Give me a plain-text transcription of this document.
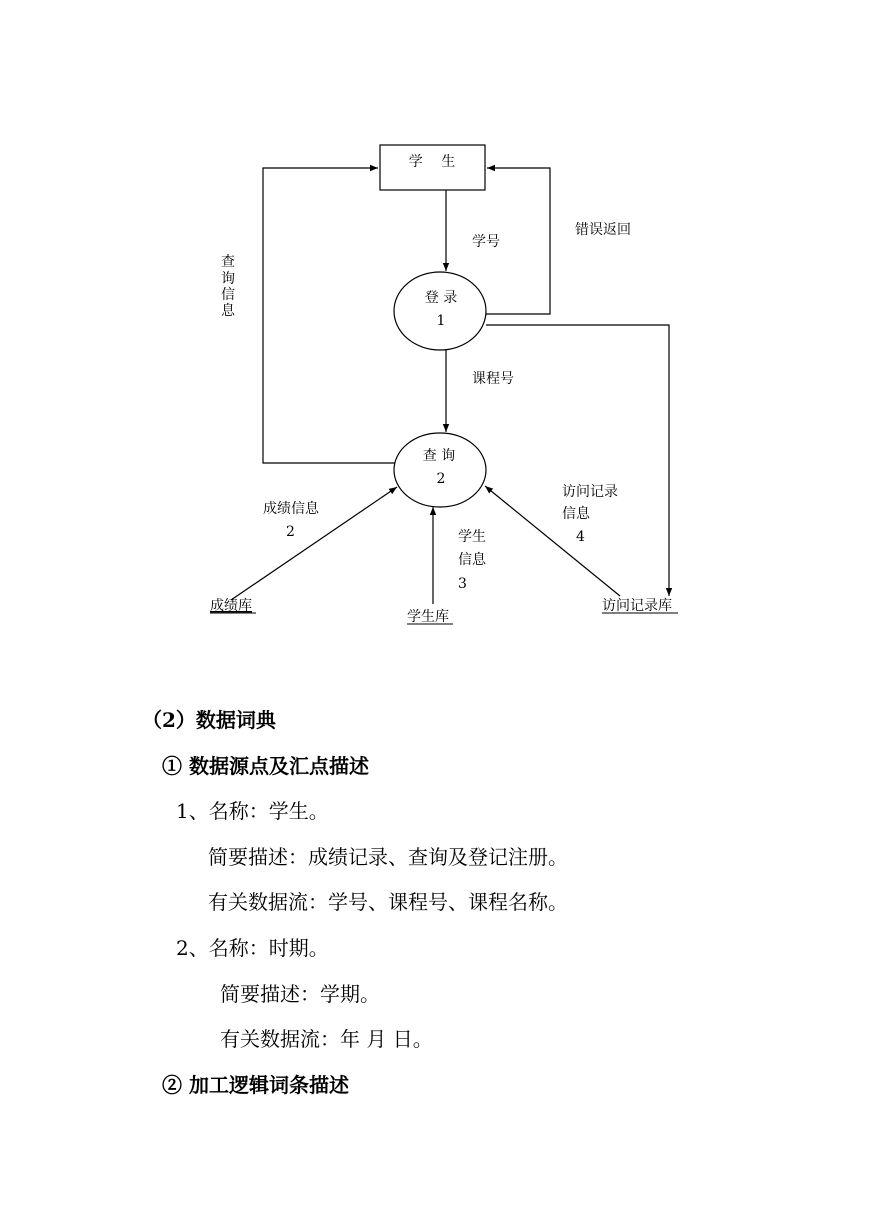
学　 生
登 录
1
查 询
2
学号
错误返回
课程号
查
询
信
息
成绩信息
2	学生
信息
3
访问记录
信息
4
成绩库
学生库
访问记录库
（2）数据词典
① 数据源点及汇点描述
1、名称：学生。
简要描述：成绩记录、查询及登记注册。
有关数据流：学号、课程号、课程名称。
2、名称：时期。
简要描述：学期。
有关数据流：年 月 日。
② 加工逻辑词条描述
